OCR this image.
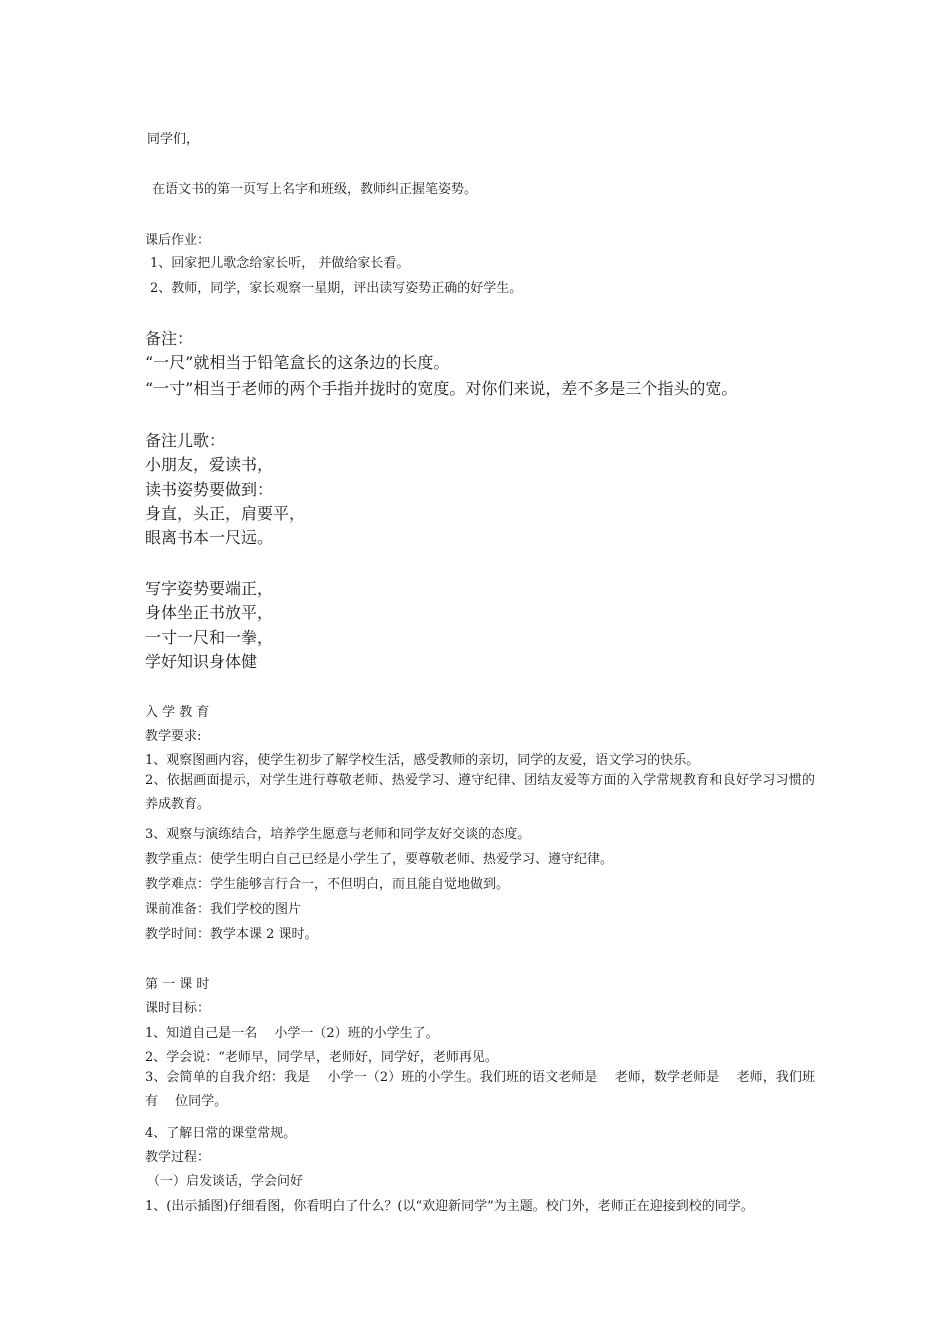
同学们，
在语文书的第一页写上名字和班级，教师纠正握笔姿势。
课后作业：
1、回家把儿歌念给家长听， 并做给家长看。
2、教师，同学，家长观察一星期，评出读写姿势正确的好学生。
备注：
“一尺”就相当于铅笔盒长的这条边的长度。
“一寸”相当于老师的两个手指并拢时的宽度。对你们来说，差不多是三个指头的宽。
备注儿歌：
小朋友，爱读书，
读书姿势要做到：
身直，头正，肩要平，
眼离书本一尺远。
写字姿势要端正，
身体坐正书放平，
一寸一尺和一拳，
学好知识身体健
入 学 教 育
教学要求:
1、观察图画内容，使学生初步了解学校生活，感受教师的亲切，同学的友爱，语文学习的快乐。
2、依据画面提示，对学生进行尊敬老师、热爱学习、遵守纪律、团结友爱等方面的入学常规教育和良好学习习惯的养成教育。
3、观察与演练结合，培养学生愿意与老师和同学友好交谈的态度。
教学重点：使学生明白自己已经是小学生了，要尊敬老师、热爱学习、遵守纪律。
教学难点：学生能够言行合一，不但明白，而且能自觉地做到。
课前准备：我们学校的图片
教学时间：教学本课 2 课时。
第 一 课 时
课时目标：
1、知道自己是一名　 小学一（2）班的小学生了。
2、学会说：“老师早，同学早，老师好，同学好，老师再见。
3、会简单的自我介绍：我是　 小学一（2）班的小学生。我们班的语文老师是　 老师，数学老师是　 老师，我们班有　 位同学。
4、了解日常的课堂常规。
教学过程：
（一）启发谈话，学会问好
1、(出示插图)仔细看图，你看明白了什么？(以“欢迎新同学”为主题。校门外，老师正在迎接到校的同学。
